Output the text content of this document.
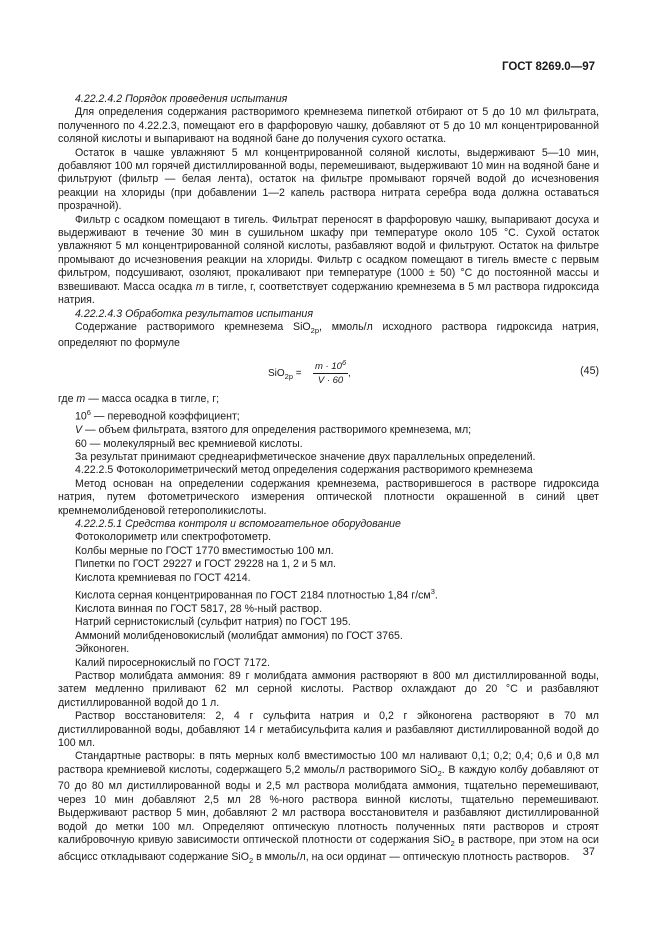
ГОСТ 8269.0—97

4.22.2.4.2 Порядок проведения испытания

Для определения содержания растворимого кремнезема пипеткой отбирают от 5 до 10 мл фильтрата, полученного по 4.22.2.3, помещают его в фарфоровую чашку, добавляют от 5 до 10 мл концентрированной соляной кислоты и выпаривают на водяной бане до получения сухого остатка.

Остаток в чашке увлажняют 5 мл концентрированной соляной кислоты, выдерживают 5—10 мин, добавляют 100 мл горячей дистиллированной воды, перемешивают, выдерживают 10 мин на водяной бане и фильтруют (фильтр — белая лента), остаток на фильтре промывают горячей водой до исчезновения реакции на хлориды (при добавлении 1—2 капель раствора нитрата серебра вода должна оставаться прозрачной).

Фильтр с осадком помещают в тигель. Фильтрат переносят в фарфоровую чашку, выпаривают досуха и выдерживают в течение 30 мин в сушильном шкафу при температуре около 105 °С. Сухой остаток увлажняют 5 мл концентрированной соляной кислоты, разбавляют водой и фильтруют. Остаток на фильтре промывают до исчезновения реакции на хлориды. Фильтр с осадком помещают в тигель вместе с первым фильтром, подсушивают, озоляют, прокаливают при температуре (1000 ± 50) °С до постоянной массы и взвешивают. Масса осадка m в тигле, г, соответствует содержанию кремнезема в 5 мл раствора гидроксида натрия.

4.22.2.4.3 Обработка результатов испытания

Содержание растворимого кремнезема SiO$_{2р}$, ммоль/л исходного раствора гидроксида натрия, определяют по формуле

$SiO_{2р} = \frac{m \cdot 10^6}{V \cdot 60}$ ,	(45)

где m — масса осадка в тигле, г;

$10^6$ — переводной коэффициент;

V — объем фильтрата, взятого для определения растворимого кремнезема, мл;

60 — молекулярный вес кремниевой кислоты.

За результат принимают среднеарифметическое значение двух параллельных определений.

4.22.2.5 Фотоколориметрический метод определения содержания растворимого кремнезема

Метод основан на определении содержания кремнезема, растворившегося в растворе гидроксида натрия, путем фотометрического измерения оптической плотности окрашенной в синий цвет кремнемолибденовой гетерополикислоты.

4.22.2.5.1 Средства контроля и вспомогательное оборудование

Фотоколориметр или спектрофотометр.

Колбы мерные по ГОСТ 1770 вместимостью 100 мл.

Пипетки по ГОСТ 29227 и ГОСТ 29228 на 1, 2 и 5 мл.

Кислота кремниевая по ГОСТ 4214.

Кислота серная концентрированная по ГОСТ 2184 плотностью 1,84 $г/см^3$.

Кислота винная по ГОСТ 5817, 28 %-ный раствор.

Натрий сернистокислый (сульфит натрия) по ГОСТ 195.

Аммоний молибденовокислый (молибдат аммония) по ГОСТ 3765.

Эйконоген.

Калий пиросернокислый по ГОСТ 7172.

Раствор молибдата аммония: 89 г молибдата аммония растворяют в 800 мл дистиллированной воды, затем медленно приливают 62 мл серной кислоты. Раствор охлаждают до 20 °С и разбавляют дистиллированной водой до 1 л.

Раствор восстановителя: 2, 4 г сульфита натрия и 0,2 г эйконогена растворяют в 70 мл дистиллированной воды, добавляют 14 г метабисульфита калия и разбавляют дистиллированной водой до 100 мл.

Стандартные растворы: в пять мерных колб вместимостью 100 мл наливают 0,1; 0,2; 0,4; 0,6 и 0,8 мл раствора кремниевой кислоты, содержащего 5,2 ммоль/л растворимого SiO$_2$. В каждую колбу добавляют от 70 до 80 мл дистиллированной воды и 2,5 мл раствора молибдата аммония, тщательно перемешивают, через 10 мин добавляют 2,5 мл 28 %-ного раствора винной кислоты, тщательно перемешивают. Выдерживают раствор 5 мин, добавляют 2 мл раствора восстановителя и разбавляют дистиллированной водой до метки 100 мл. Определяют оптическую плотность полученных пяти растворов и строят калибровочную кривую зависимости оптической плотности от содержания SiO$_2$ в растворе, при этом на оси абсцисс откладывают содержание SiO$_2$ в ммоль/л, на оси ординат — оптическую плотность растворов.	37
